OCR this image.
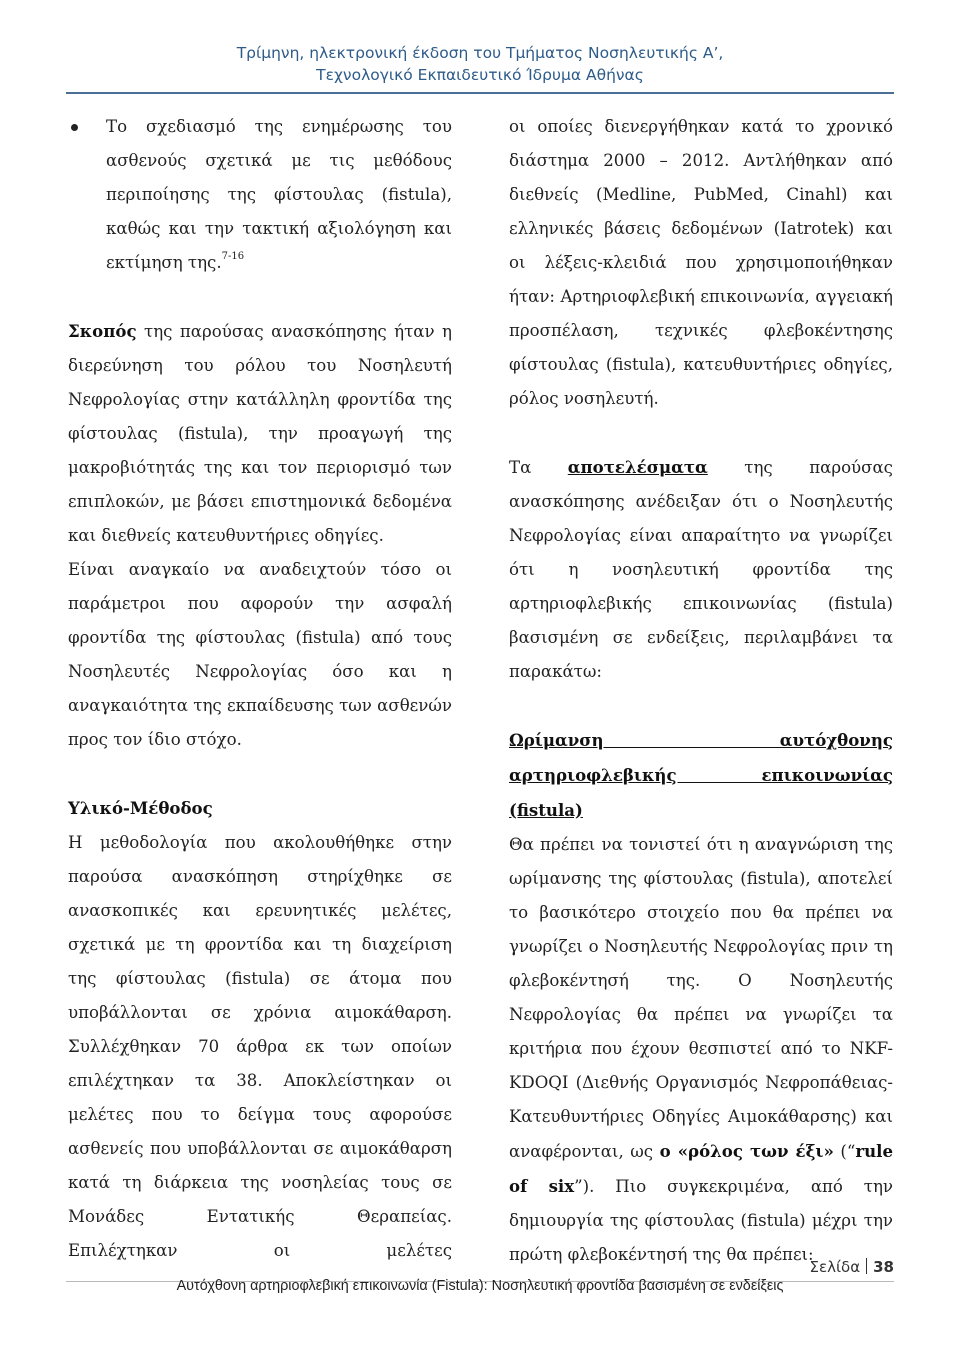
Τρίμηνη, ηλεκτρονική έκδοση του Τμήματος Νοσηλευτικής Α’,
Τεχνολογικό Εκπαιδευτικό Ίδρυμα Αθήνας

Το σχεδιασμό της ενημέρωσης του ασθενούς σχετικά με τις μεθόδους περιποίησης της φίστουλας (fistula), καθώς και την τακτική αξιολόγηση και εκτίμηση της.$^{7-16}$

Σκοπός της παρούσας ανασκόπησης ήταν η διερεύνηση του ρόλου του Νοσηλευτή Νεφρολογίας στην κατάλληλη φροντίδα της φίστουλας (fistula), την προαγωγή της μακροβιότητάς της και τον περιορισμό των επιπλοκών, με βάσει επιστημονικά δεδομένα και διεθνείς κατευθυντήριες οδηγίες.

Είναι αναγκαίο να αναδειχτούν τόσο οι παράμετροι που αφορούν την ασφαλή φροντίδα της φίστουλας (fistula) από τους Νοσηλευτές Νεφρολογίας όσο και η αναγκαιότητα της εκπαίδευσης των ασθενών προς τον ίδιο στόχο.

Υλικό-Μέθοδος

Η μεθοδολογία που ακολουθήθηκε στην παρούσα ανασκόπηση στηρίχθηκε σε ανασκοπικές και ερευνητικές μελέτες, σχετικά με τη φροντίδα και τη διαχείριση της φίστουλας (fistula) σε άτομα που υποβάλλονται σε χρόνια αιμοκάθαρση. Συλλέχθηκαν 70 άρθρα εκ των οποίων επιλέχτηκαν τα 38. Αποκλείστηκαν οι μελέτες που το δείγμα τους αφορούσε ασθενείς που υποβάλλονται σε αιμοκάθαρση κατά τη διάρκεια της νοσηλείας τους σε Μονάδες Εντατικής Θεραπείας. Επιλέχτηκαν οι μελέτες

οι οποίες διενεργήθηκαν κατά το χρονικό διάστημα 2000 – 2012. Αντλήθηκαν από διεθνείς (Medline, PubMed, Cinahl) και ελληνικές βάσεις δεδομένων (Iatrotek) και οι λέξεις-κλειδιά που χρησιμοποιήθηκαν ήταν: Αρτηριοφλεβική επικοινωνία, αγγειακή προσπέλαση, τεχνικές φλεβοκέντησης φίστουλας (fistula), κατευθυντήριες οδηγίες, ρόλος νοσηλευτή.

Τα αποτελέσματα της παρούσας ανασκόπησης ανέδειξαν ότι ο Νοσηλευτής Νεφρολογίας είναι απαραίτητο να γνωρίζει ότι η νοσηλευτική φροντίδα της αρτηριοφλεβικής επικοινωνίας (fistula) βασισμένη σε ενδείξεις, περιλαμβάνει τα παρακάτω:

Ωρίμανση αυτόχθονης αρτηριοφλεβικής επικοινωνίας (fistula)

Θα πρέπει να τονιστεί ότι η αναγνώριση της ωρίμανσης της φίστουλας (fistula), αποτελεί το βασικότερο στοιχείο που θα πρέπει να γνωρίζει ο Νοσηλευτής Νεφρολογίας πριν τη φλεβοκέντησή της. Ο Νοσηλευτής Νεφρολογίας θα πρέπει να γνωρίζει τα κριτήρια που έχουν θεσπιστεί από το NKF-KDOQI (Διεθνής Οργανισμός Νεφροπάθειας-Κατευθυντήριες Οδηγίες Αιμοκάθαρσης) και αναφέρονται, ως ο «ρόλος των έξι» (“rule of six”). Πιο συγκεκριμένα, από την δημιουργία της φίστουλας (fistula) μέχρι την πρώτη φλεβοκέντησή της θα πρέπει:

Σελίδα 38
Αυτόχθονη αρτηριοφλεβική επικοινωνία (Fistula): Νοσηλευτική φροντίδα βασισμένη σε ενδείξεις
